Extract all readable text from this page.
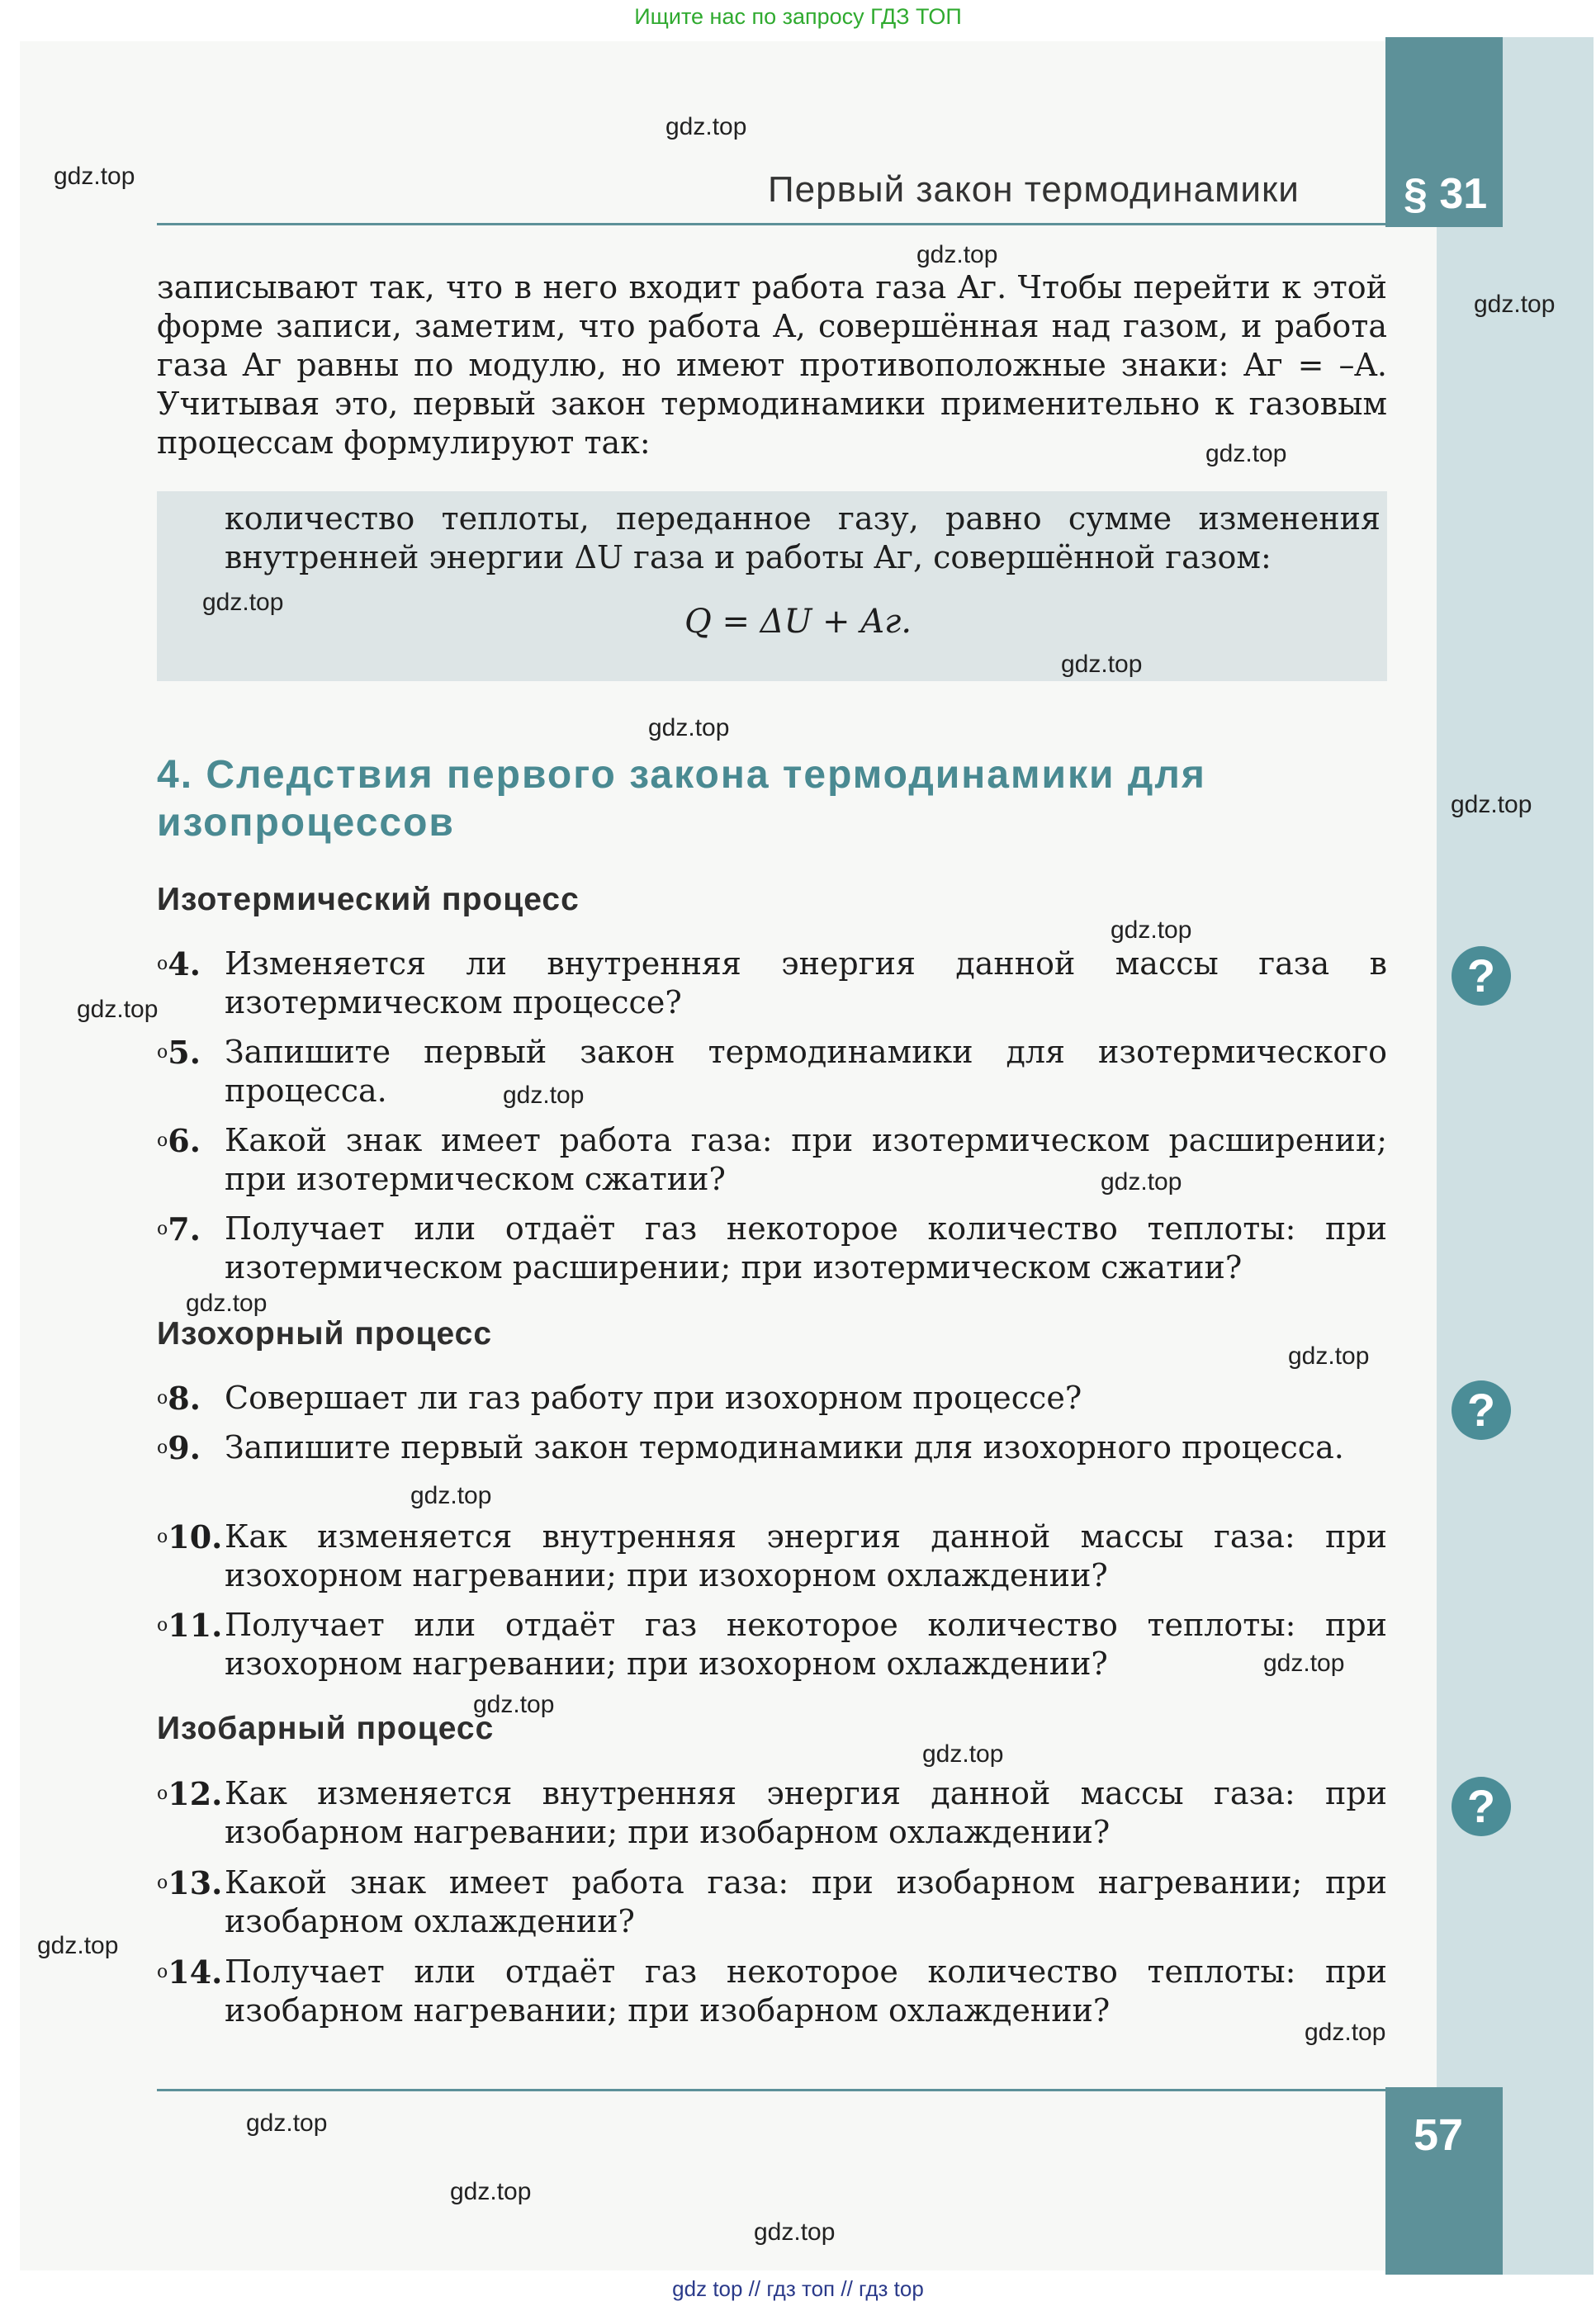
Ищите нас по запросу ГДЗ ТОП
Первый закон термодинамики § 31
записывают так, что в него входит работа газа Aг. Чтобы перейти к этой форме записи, заметим, что работа A, совершённая над газом, и работа газа Aг равны по модулю, но имеют противоположные знаки: Aг = –A. Учитывая это, первый закон термодинамики применительно к газовым процессам формулируют так:
количество теплоты, переданное газу, равно сумме изменения внутренней энергии ΔU газа и работы Aг, совершённой газом:
Q = ΔU + Aг.
4. Следствия первого закона термодинамики для изопроцессов
Изотермический процесс
$^o$4. Изменяется ли внутренняя энергия данной массы газа в изотермическом процессе?
$^o$5. Запишите первый закон термодинамики для изотермического процесса.
$^o$6. Какой знак имеет работа газа: при изотермическом расширении; при изотермическом сжатии?
$^o$7. Получает или отдаёт газ некоторое количество теплоты: при изотермическом расширении; при изотермическом сжатии?
Изохорный процесс
$^o$8. Совершает ли газ работу при изохорном процессе?
$^o$9. Запишите первый закон термодинамики для изохорного процесса.
$^o$10. Как изменяется внутренняя энергия данной массы газа: при изохорном нагревании; при изохорном охлаждении?
$^o$11. Получает или отдаёт газ некоторое количество теплоты: при изохорном нагревании; при изохорном охлаждении?
Изобарный процесс
$^o$12. Как изменяется внутренняя энергия данной массы газа: при изобарном нагревании; при изобарном охлаждении?
$^o$13. Какой знак имеет работа газа: при изобарном нагревании; при изобарном охлаждении?
$^o$14. Получает или отдаёт газ некоторое количество теплоты: при изобарном нагревании; при изобарном охлаждении?
?
?
?
57
gdz.top
gdz.top
gdz.top
gdz.top
gdz.top
gdz.top
gdz.top
gdz.top
gdz.top
gdz.top
gdz.top
gdz.top
gdz.top
gdz.top
gdz.top
gdz.top
gdz.top
gdz.top
gdz.top
gdz.top
gdz.top
gdz.top
gdz.top
gdz.top
gdz top // гдз топ // гдз top
